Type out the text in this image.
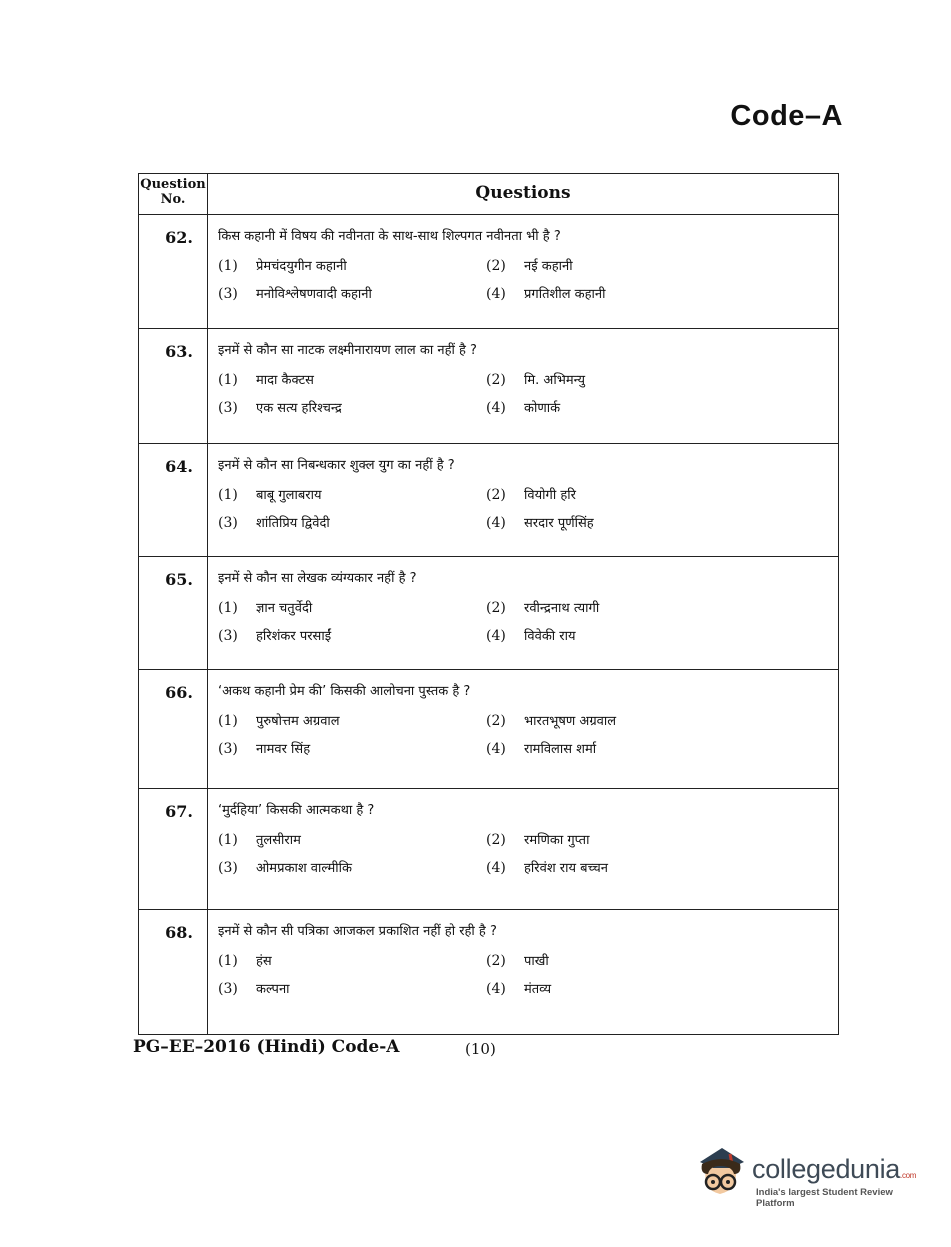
Code–A
Question No.	Questions
62.	किस कहानी में विषय की नवीनता के साथ-साथ शिल्पगत नवीनता भी है ?
(1)	प्रेमचंदयुगीन कहानी	(2)	नई कहानी
(3)	मनोविश्लेषणवादी कहानी	(4)	प्रगतिशील कहानी
63.	इनमें से कौन सा नाटक लक्ष्मीनारायण लाल का नहीं है ?
(1)	मादा कैक्टस	(2)	मि. अभिमन्यु
(3)	एक सत्य हरिश्चन्द्र	(4)	कोणार्क
64.	इनमें से कौन सा निबन्धकार शुक्ल युग का नहीं है ?
(1)	बाबू गुलाबराय	(2)	वियोगी हरि
(3)	शांतिप्रिय द्विवेदी	(4)	सरदार पूर्णसिंह
65.	इनमें से कौन सा लेखक व्यंग्यकार नहीं है ?
(1)	ज्ञान चतुर्वेदी	(2)	रवीन्द्रनाथ त्यागी
(3)	हरिशंकर परसाईं	(4)	विवेकी राय
66.	‘अकथ कहानी प्रेम की’ किसकी आलोचना पुस्तक है ?
(1)	पुरुषोत्तम अग्रवाल	(2)	भारतभूषण अग्रवाल
(3)	नामवर सिंह	(4)	रामविलास शर्मा
67.	‘मुर्दहिया’ किसकी आत्मकथा है ?
(1)	तुलसीराम	(2)	रमणिका गुप्ता
(3)	ओमप्रकाश वाल्मीकि	(4)	हरिवंश राय बच्चन
68.	इनमें से कौन सी पत्रिका आजकल प्रकाशित नहीं हो रही है ?
(1)	हंस	(2)	पाखी
(3)	कल्पना	(4)	मंतव्य
PG–EE–2016 (Hindi) Code-A	(10)
collegedunia.com
India's largest Student Review Platform
